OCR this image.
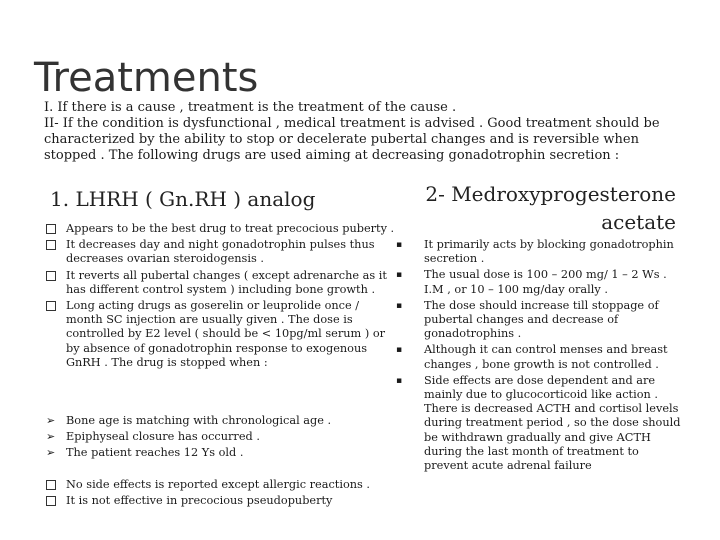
Treatments

I. If there is a cause , treatment is the treatment of the cause .

II- If the condition is dysfunctional , medical treatment is advised . Good treatment should be characterized by the ability to stop or decelerate pubertal changes and is reversible when stopped . The following drugs are used aiming at decreasing gonadotrophin secretion :

1. LHRH ( Gn.RH ) analog	2- Medroxyprogesterone acetate
Appears to be the best drug to treat precocious puberty .
It decreases day and night gonadotrophin pulses thus decreases ovarian steroidogensis .
It reverts all pubertal changes ( except adrenarche as it has different control system ) including bone growth .
Long acting drugs as goserelin or leuprolide once / month SC injection are usually given . The dose is controlled by E2 level ( should be < 10pg/ml serum ) or by absence of gonadotrophin response to exogenous GnRH . The drug is stopped when :
➢ Bone age is matching with chronological age .
➢ Epiphyseal closure has occurred .
➢ The patient reaches 12 Ys old .
No side effects is reported except allergic reactions .
It is not effective in precocious pseudopuberty
▪ It primarily acts by blocking gonadotrophin secretion .
▪ The usual dose is 100 – 200 mg/ 1 – 2 Ws . I.M , or 10 – 100 mg/day orally .
▪ The dose should increase till stoppage of pubertal changes and decrease of gonadotrophins .
▪ Although it can control menses and breast changes , bone growth is not controlled .
▪ Side effects are dose dependent and are mainly due to glucocorticoid like action . There is decreased ACTH and cortisol levels during treatment period , so the dose should be withdrawn gradually and give ACTH during the last month of treatment to prevent acute adrenal failure
